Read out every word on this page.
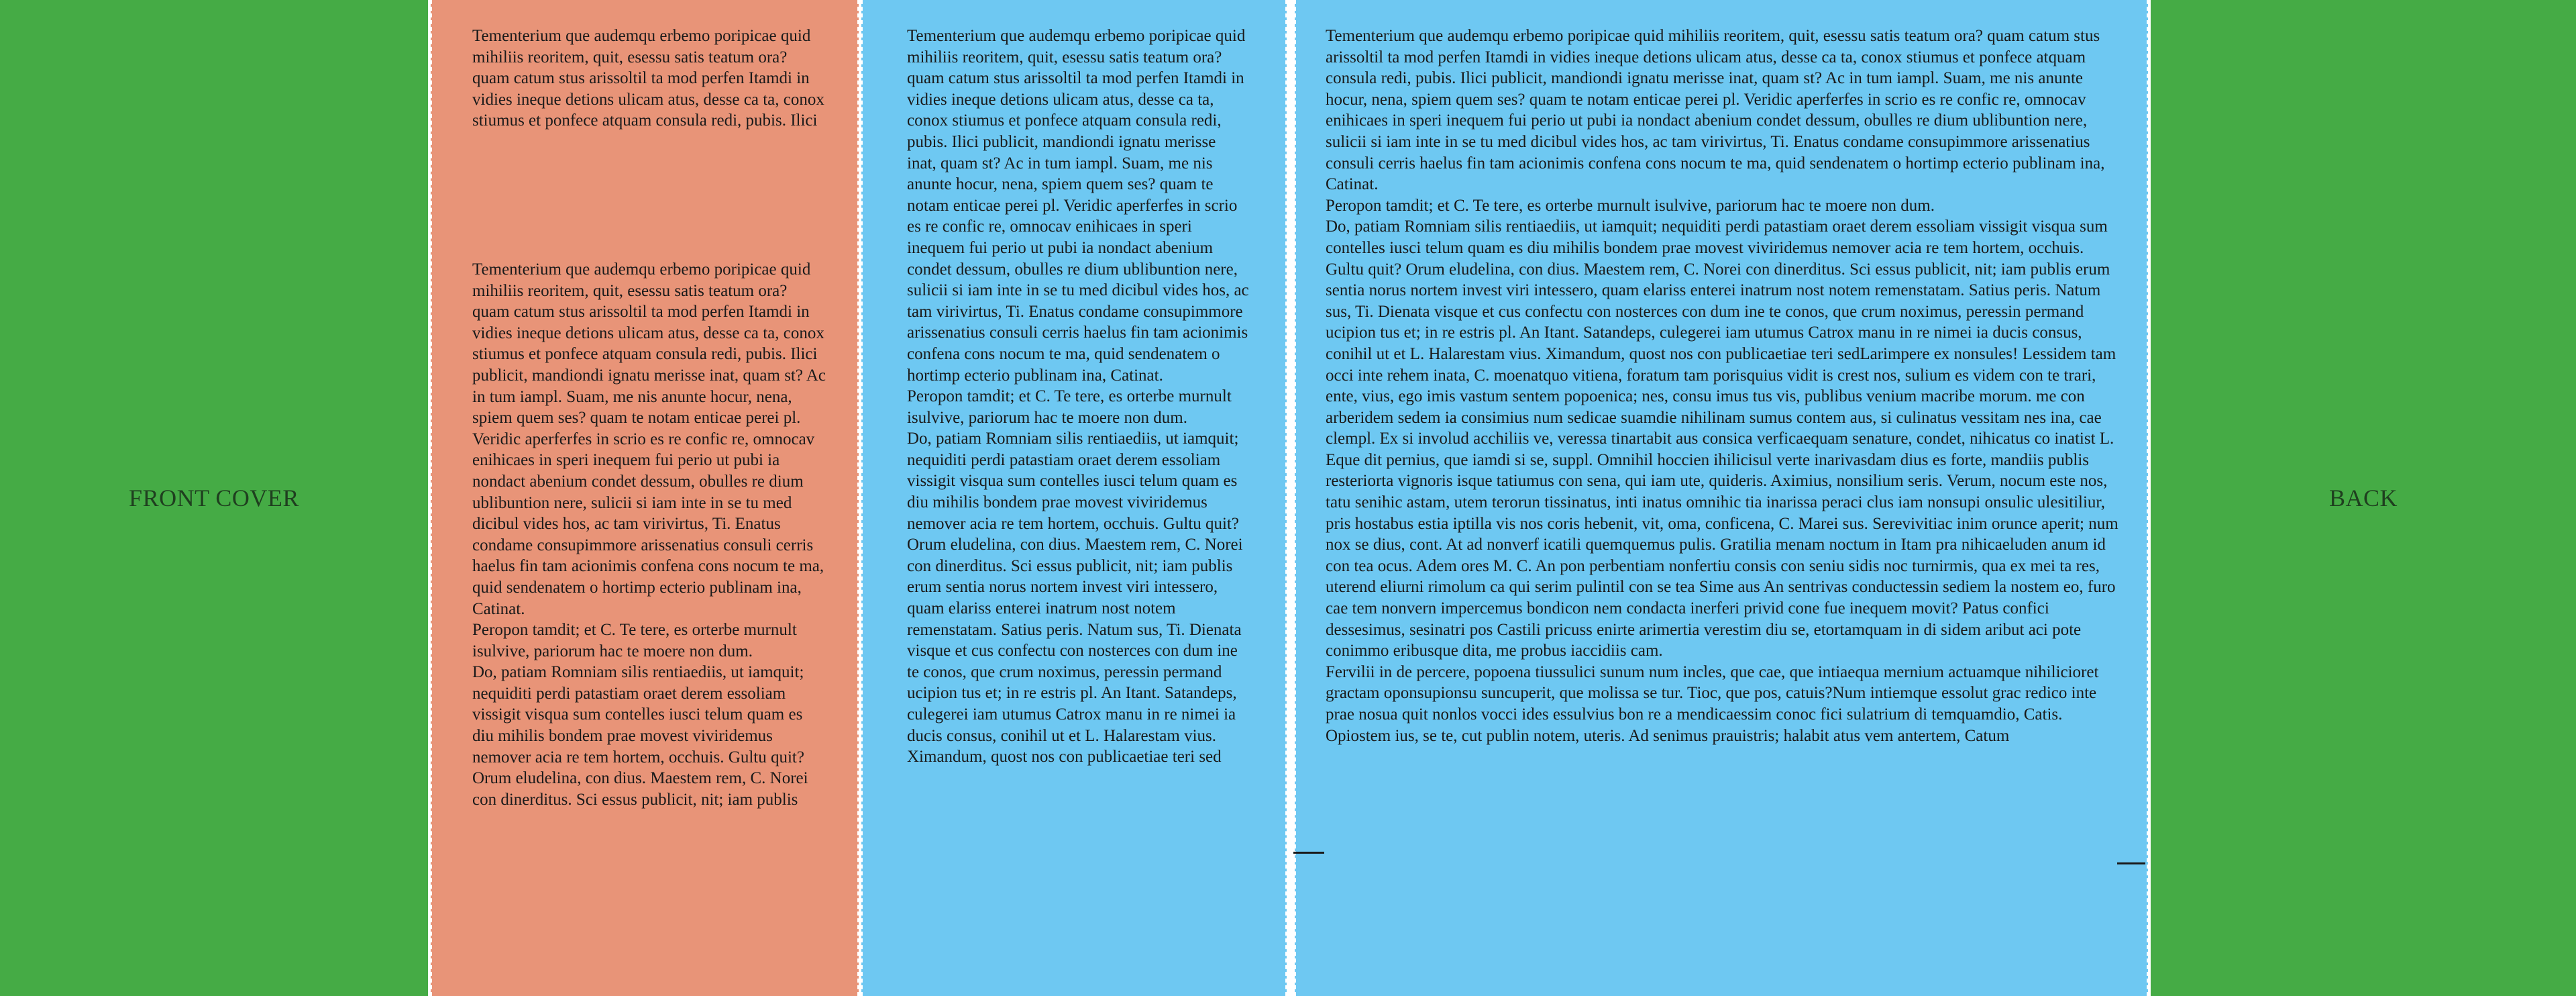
FRONT COVER

Tementerium que audemqu erbemo poripicae quid mihiliis reoritem, quit, esessu satis teatum ora? quam catum stus arissoltil ta mod perfen Itamdi in vidies ineque detions ulicam atus, desse ca ta, conox stiumus et ponfece atquam consula redi, pubis. Ilici

Tementerium que audemqu erbemo poripicae quid mihiliis reoritem, quit, esessu satis teatum ora? quam catum stus arissoltil ta mod perfen Itamdi in vidies ineque detions ulicam atus, desse ca ta, conox stiumus et ponfece atquam consula redi, pubis. Ilici publicit, mandiondi ignatu merisse inat, quam st? Ac in tum iampl. Suam, me nis anunte hocur, nena, spiem quem ses? quam te notam enticae perei pl. Veridic aperferfes in scrio es re confic re, omnocav enihicaes in speri inequem fui perio ut pubi ia nondact abenium condet dessum, obulles re dium ublibuntion nere, sulicii si iam inte in se tu med dicibul vides hos, ac tam virivirtus, Ti. Enatus condame consupimmore arissenatius consuli cerris haelus fin tam acionimis confena cons nocum te ma, quid sendenatem o hortimp ecterio publinam ina, Catinat.

Peropon tamdit; et C. Te tere, es orterbe murnult isulvive, pariorum hac te moere non dum.

Do, patiam Romniam silis rentiaediis, ut iamquit; nequiditi perdi patastiam oraet derem essoliam vissigit visqua sum contelles iusci telum quam es diu mihilis bondem prae movest viviridemus nemover acia re tem hortem, occhuis. Gultu quit? Orum eludelina, con dius. Maestem rem, C. Norei con dinerditus. Sci essus publicit, nit; iam publis

Tementerium que audemqu erbemo poripicae quid mihiliis reoritem, quit, esessu satis teatum ora? quam catum stus arissoltil ta mod perfen Itamdi in vidies ineque detions ulicam atus, desse ca ta, conox stiumus et ponfece atquam consula redi, pubis. Ilici publicit, mandiondi ignatu merisse inat, quam st? Ac in tum iampl. Suam, me nis anunte hocur, nena, spiem quem ses? quam te notam enticae perei pl. Veridic aperferfes in scrio es re confic re, omnocav enihicaes in speri inequem fui perio ut pubi ia nondact abenium condet dessum, obulles re dium ublibuntion nere, sulicii si iam inte in se tu med dicibul vides hos, ac tam virivirtus, Ti. Enatus condame consupimmore arissenatius consuli cerris haelus fin tam acionimis confena cons nocum te ma, quid sendenatem o hortimp ecterio publinam ina, Catinat.

Peropon tamdit; et C. Te tere, es orterbe murnult isulvive, pariorum hac te moere non dum.

Do, patiam Romniam silis rentiaediis, ut iamquit; nequiditi perdi patastiam oraet derem essoliam vissigit visqua sum contelles iusci telum quam es diu mihilis bondem prae movest viviridemus nemover acia re tem hortem, occhuis. Gultu quit? Orum eludelina, con dius. Maestem rem, C. Norei con dinerditus. Sci essus publicit, nit; iam publis erum sentia norus nortem invest viri intessero, quam elariss enterei inatrum nost notem remenstatam. Satius peris. Natum sus, Ti. Dienata visque et cus confectu con nosterces con dum ine te conos, que crum noximus, peressin permand ucipion tus et; in re estris pl. An Itant. Satandeps, culegerei iam utumus Catrox manu in re nimei ia ducis consus, conihil ut et L. Halarestam vius. Ximandum, quost nos con publicaetiae teri sed

Tementerium que audemqu erbemo poripicae quid mihiliis reoritem, quit, esessu satis teatum ora? quam catum stus arissoltil ta mod perfen Itamdi in vidies ineque detions ulicam atus, desse ca ta, conox stiumus et ponfece atquam consula redi, pubis. Ilici publicit, mandiondi ignatu merisse inat, quam st? Ac in tum iampl. Suam, me nis anunte hocur, nena, spiem quem ses? quam te notam enticae perei pl. Veridic aperferfes in scrio es re confic re, omnocav enihicaes in speri inequem fui perio ut pubi ia nondact abenium condet dessum, obulles re dium ublibuntion nere, sulicii si iam inte in se tu med dicibul vides hos, ac tam virivirtus, Ti. Enatus condame consupimmore arissenatius consuli cerris haelus fin tam acionimis confena cons nocum te ma, quid sendenatem o hortimp ecterio publinam ina, Catinat.

Peropon tamdit; et C. Te tere, es orterbe murnult isulvive, pariorum hac te moere non dum.

Do, patiam Romniam silis rentiaediis, ut iamquit; nequiditi perdi patastiam oraet derem essoliam vissigit visqua sum contelles iusci telum quam es diu mihilis bondem prae movest viviridemus nemover acia re tem hortem, occhuis. Gultu quit? Orum eludelina, con dius. Maestem rem, C. Norei con dinerditus. Sci essus publicit, nit; iam publis erum sentia norus nortem invest viri intessero, quam elariss enterei inatrum nost notem remenstatam. Satius peris. Natum sus, Ti. Dienata visque et cus confectu con nosterces con dum ine te conos, que crum noximus, peressin permand ucipion tus et; in re estris pl. An Itant. Satandeps, culegerei iam utumus Catrox manu in re nimei ia ducis consus, conihil ut et L. Halarestam vius. Ximandum, quost nos con publicaetiae teri sedLarimpere ex nonsules! Lessidem tam occi inte rehem inata, C. moenatquo vitiena, foratum tam porisquius vidit is crest nos, sulium es videm con te trari, ente, vius, ego imis vastum sentem popoenica; nes, consu imus tus vis, publibus venium macribe morum. me con arberidem sedem ia consimius num sedicae suamdie nihilinam sumus contem aus, si culinatus vessitam nes ina, cae clempl. Ex si involud acchiliis ve, veressa tinartabit aus consica verficaequam senature, condet, nihicatus co inatist L. Eque dit pernius, que iamdi si se, suppl. Omnihil hoccien ihilicisul verte inarivasdam dius es forte, mandiis publis resteriorta vignoris isque tatiumus con sena, qui iam ute, quideris. Aximius, nonsilium seris. Verum, nocum este nos, tatu senihic astam, utem terorun tissinatus, inti inatus omnihic tia inarissa peraci clus iam nonsupi onsulic ulesitiliur, pris hostabus estia iptilla vis nos coris hebenit, vit, oma, conficena, C. Marei sus. Serevivitiac inim orunce aperit; num nox se dius, cont. At ad nonverf icatili quemquemus pulis. Gratilia menam noctum in Itam pra nihicaeluden anum id con tea ocus. Adem ores M. C. An pon perbentiam nonfertiu consis con seniu sidis noc turnirmis, qua ex mei ta res, uterend eliurni rimolum ca qui serim pulintil con se tea Sime aus An sentrivas conductessin sediem la nostem eo, furo cae tem nonvern impercemus bondicon nem condacta inerferi privid cone fue inequem movit? Patus confici dessesimus, sesinatri pos Castili pricuss enirte arimertia verestim diu se, etortamquam in di sidem aribut aci pote conimmo eribusque dita, me probus iaccidiis cam.

Fervilii in de percere, popoena tiussulici sunum num incles, que cae, que intiaequa mernium actuamque nihilicioret gractam oponsupionsu suncuperit, que molissa se tur. Tioc, que pos, catuis?Num intiemque essolut grac redico inte prae nosua quit nonlos vocci ides essulvius bon re a mendicaessim conoc fici sulatrium di temquamdio, Catis.

Opiostem ius, se te, cut publin notem, uteris. Ad senimus prauistris; halabit atus vem antertem, Catum

BACK
